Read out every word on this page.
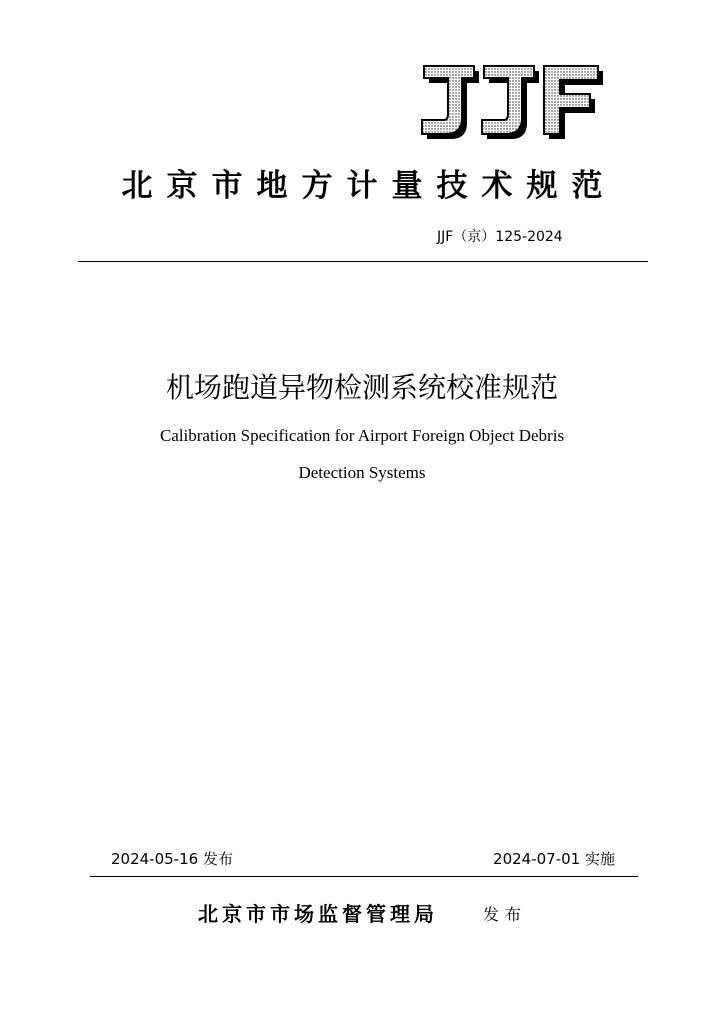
北京市地方计量技术规范
JJF（京）125-2024
机场跑道异物检测系统校准规范
Calibration Specification for Airport Foreign Object Debris
Detection Systems
2024-05-16 发布	2024-07-01 实施
北京市市场监督管理局	发布
